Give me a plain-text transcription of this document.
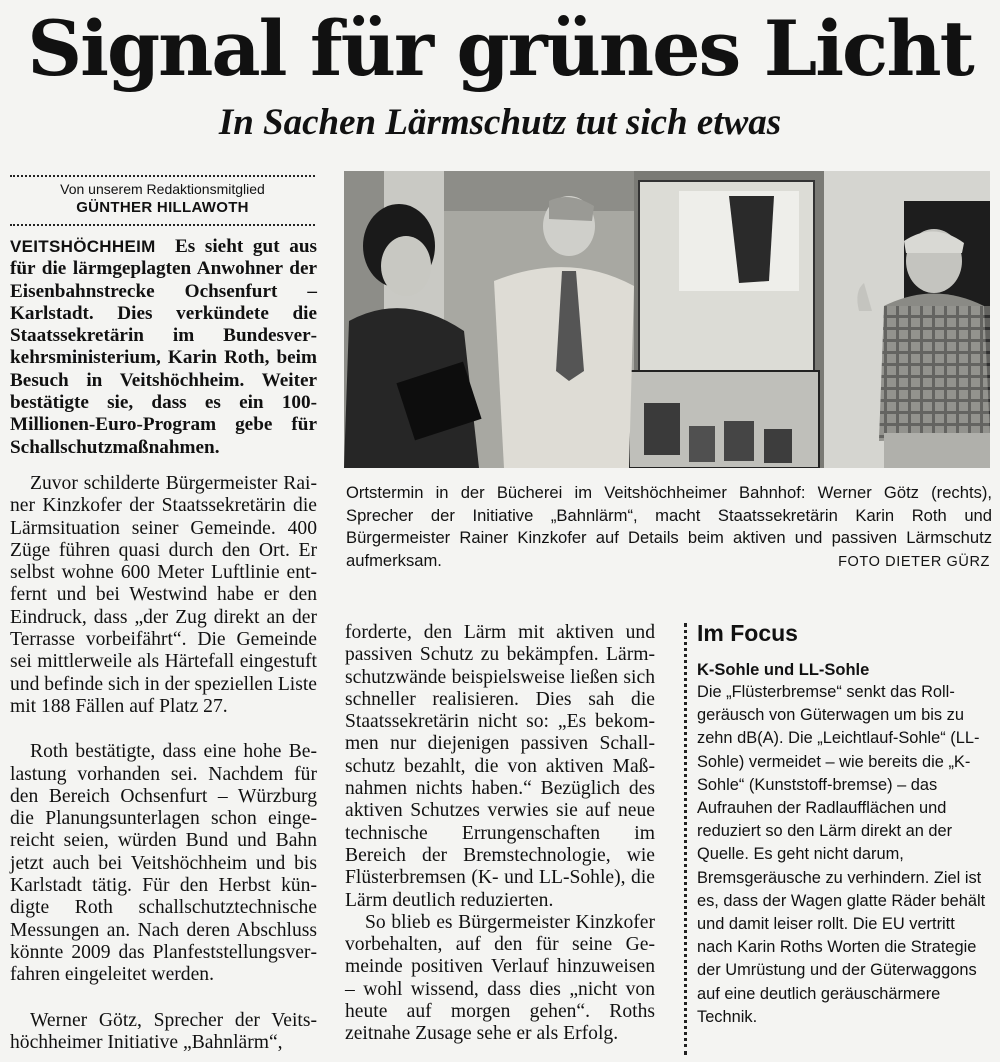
Signal für grünes Licht
In Sachen Lärmschutz tut sich etwas
Von unserem Redaktionsmitglied
GÜNTHER HILLAWOTH

VEITSHÖCHHEIM Es sieht gut aus für die lärmgeplagten Anwohner der Eisenbahnstrecke Ochsenfurt – Karlstadt. Dies verkündete die Staatssekretärin im Bundesverkehrsministerium, Karin Roth, beim Besuch in Veitshöchheim. Weiter bestätigte sie, dass es ein 100-Millionen-Euro-Program gebe für Schallschutzmaßnahmen.

Zuvor schilderte Bürgermeister Rainer Kinzkofer der Staatssekretärin die Lärmsituation seiner Gemeinde. 400 Züge führen quasi durch den Ort. Er selbst wohne 600 Meter Luftlinie entfernt und bei Westwind habe er den Eindruck, dass „der Zug direkt an der Terrasse vorbeifährt“. Die Gemeinde sei mittlerweile als Härtefall eingestuft und befinde sich in der speziellen Liste mit 188 Fällen auf Platz 27.

Roth bestätigte, dass eine hohe Belastung vorhanden sei. Nachdem für den Bereich Ochsenfurt – Würzburg die Planungsunterlagen schon eingereicht seien, würden Bund und Bahn jetzt auch bei Veitshöchheim und bis Karlstadt tätig. Für den Herbst kündigte Roth schallschutztechnische Messungen an. Nach deren Abschluss könnte 2009 das Planfeststellungsverfahren eingeleitet werden.

Werner Götz, Sprecher der Veitshöchheimer Initiative „Bahnlärm“,

Ortstermin in der Bücherei im Veitshöchheimer Bahnhof: Werner Götz (rechts), Sprecher der Initiative „Bahnlärm“, macht Staatssekretärin Karin Roth und Bürgermeister Rainer Kinzkofer auf Details beim aktiven und passiven Lärmschutz aufmerksam.	FOTO DIETER GÜRZ

forderte, den Lärm mit aktiven und passiven Schutz zu bekämpfen. Lärmschutzwände beispielsweise ließen sich schneller realisieren. Dies sah die Staatssekretärin nicht so: „Es bekommen nur diejenigen passiven Schallschutz bezahlt, die von aktiven Maßnahmen nichts haben.“ Bezüglich des aktiven Schutzes verwies sie auf neue technische Errungenschaften im Bereich der Bremstechnologie, wie Flüsterbremsen (K- und LL-Sohle), die Lärm deutlich reduzierten.

So blieb es Bürgermeister Kinzkofer vorbehalten, auf den für seine Gemeinde positiven Verlauf hinzuweisen – wohl wissend, dass dies „nicht von heute auf morgen gehen“. Roths zeitnahe Zusage sehe er als Erfolg.

Im Focus
K-Sohle und LL-Sohle

Die „Flüsterbremse“ senkt das Rollgeräusch von Güterwagen um bis zu zehn dB(A). Die „Leichtlauf-Sohle“ (LL-Sohle) vermeidet – wie bereits die „K-Sohle“ (Kunststoff-bremse) – das Aufrauhen der Radlaufflächen und reduziert so den Lärm direkt an der Quelle. Es geht nicht darum, Bremsgeräusche zu verhindern. Ziel ist es, dass der Wagen glatte Räder behält und damit leiser rollt. Die EU vertritt nach Karin Roths Worten die Strategie der Umrüstung und der Güterwaggons auf eine deutlich geräuschärmere Technik.
